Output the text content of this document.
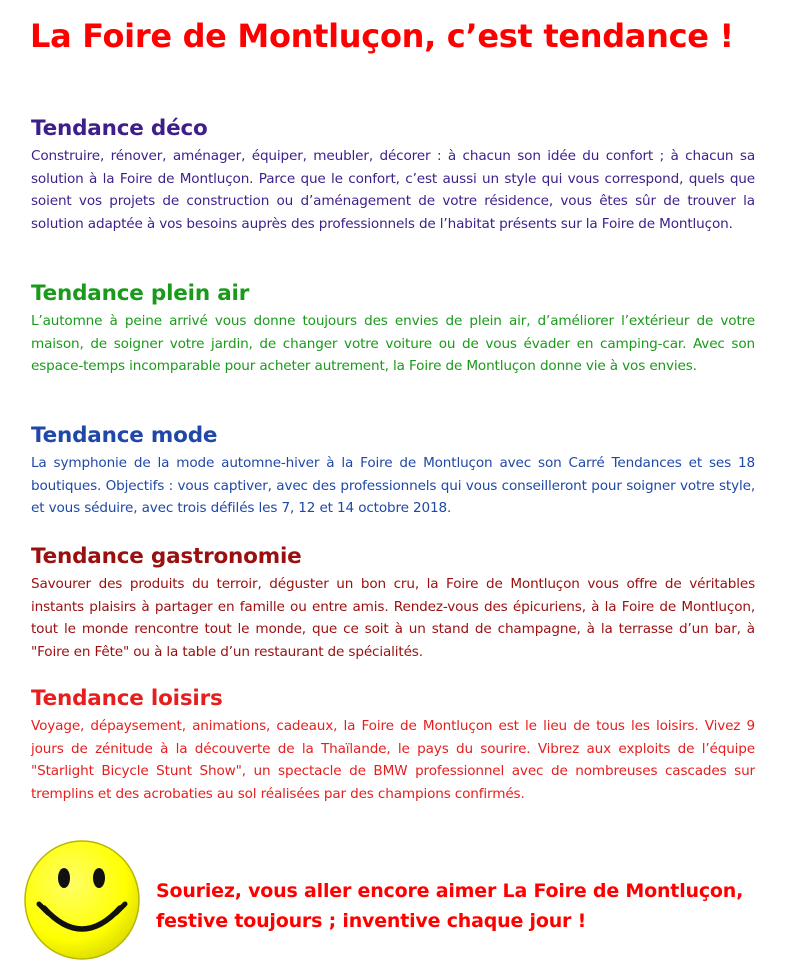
La Foire de Montluçon, c’est tendance !
Tendance déco

Construire, rénover, aménager, équiper, meubler, décorer : à chacun son idée du confort ; à chacun sa solution à la Foire de Montluçon. Parce que le confort, c’est aussi un style qui vous correspond, quels que soient vos projets de construction ou d’aménagement de votre résidence, vous êtes sûr de trouver la solution adaptée à vos besoins auprès des professionnels de l’habitat présents sur la Foire de Montluçon.

Tendance plein air

L’automne à peine arrivé vous donne toujours des envies de plein air, d’améliorer l’extérieur de votre maison, de soigner votre jardin, de changer votre voiture ou de vous évader en camping-car. Avec son espace-temps incomparable pour acheter autrement, la Foire de Montluçon donne vie à vos envies.

Tendance mode

La symphonie de la mode automne-hiver à la Foire de Montluçon avec son Carré Tendances et ses 18 boutiques. Objectifs : vous captiver, avec des professionnels qui vous conseilleront pour soigner votre style, et vous séduire, avec trois défilés les 7, 12 et 14 octobre 2018.

Tendance gastronomie

Savourer des produits du terroir, déguster un bon cru, la Foire de Montluçon vous offre de véritables instants plaisirs à partager en famille ou entre amis. Rendez-vous des épicuriens, à la Foire de Montluçon, tout le monde rencontre tout le monde, que ce soit à un stand de champagne, à la terrasse d’un bar, à "Foire en Fête" ou à la table d’un restaurant de spécialités.

Tendance loisirs

Voyage, dépaysement, animations, cadeaux, la Foire de Montluçon est le lieu de tous les loisirs. Vivez 9 jours de zénitude à la découverte de la Thaïlande, le pays du sourire. Vibrez aux exploits de l’équipe "Starlight Bicycle Stunt Show", un spectacle de BMW professionnel avec de nombreuses cascades sur tremplins et des acrobaties au sol réalisées par des champions confirmés.

Souriez, vous aller encore aimer La Foire de Montluçon,
festive toujours ; inventive chaque jour !
